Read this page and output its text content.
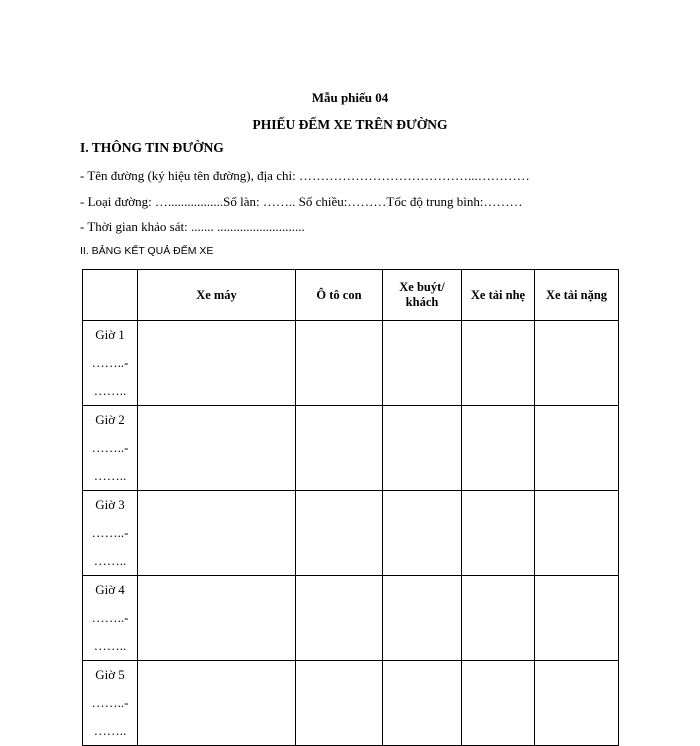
Mẫu phiếu 04
PHIẾU ĐẾM XE TRÊN ĐƯỜNG
I. THÔNG TIN ĐƯỜNG
- Tên đường (ký hiệu tên đường), địa chỉ: …………………………………...…………
- Loại đường: ….................Số làn: …….. Số chiều:………Tốc độ trung bình:………
- Thời gian khảo sát: ....... ...........................
II. BẢNG KẾT QUẢ ĐẾM XE
	Xe máy	Ô tô con	Xe buýt/ khách	Xe tải nhẹ	Xe tải nặng

Giờ 1
……..-
……..					

Giờ 2
……..-
……..					

Giờ 3
……..-
……..					

Giờ 4
……..-
……..					

Giờ 5
……..-
……..					
